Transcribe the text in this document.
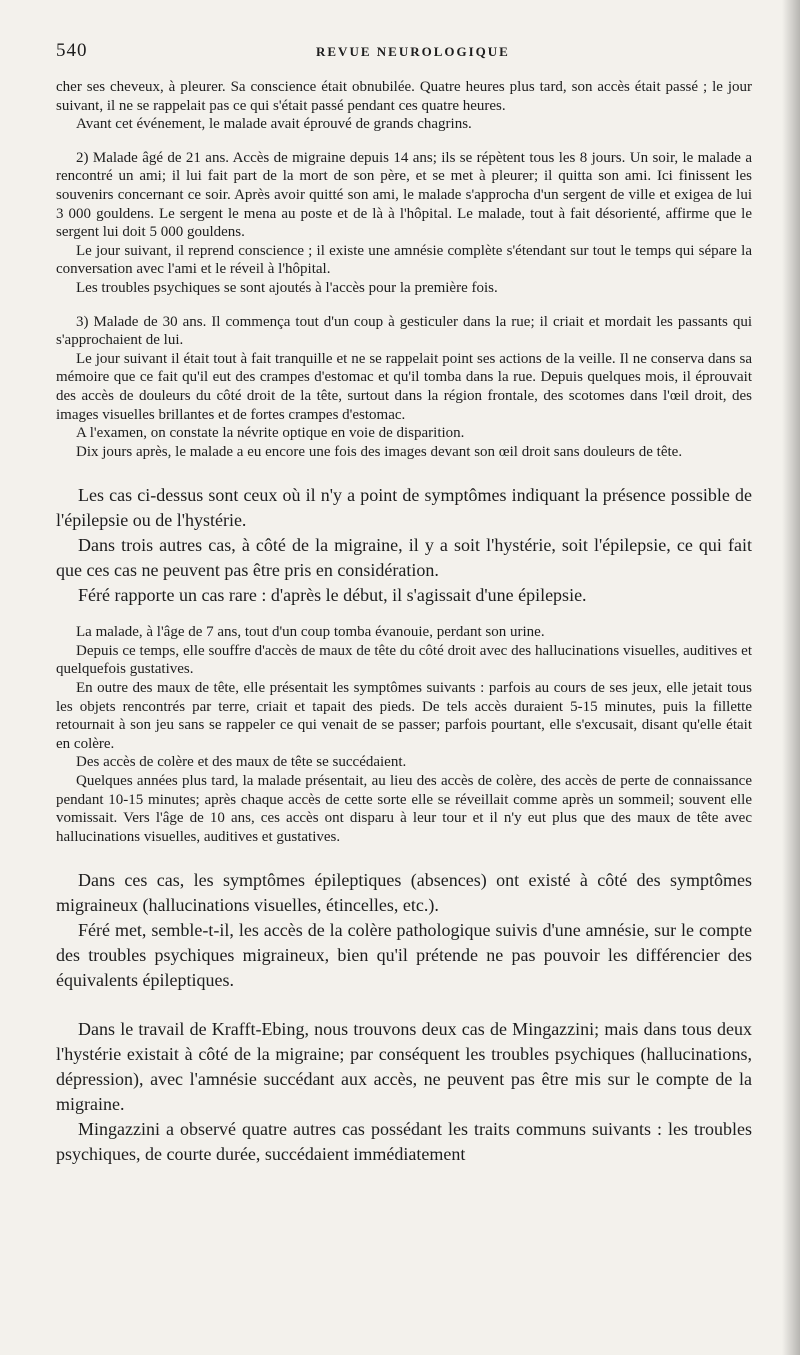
540	REVUE NEUROLOGIQUE

cher ses cheveux, à pleurer. Sa conscience était obnubilée. Quatre heures plus tard, son accès était passé ; le jour suivant, il ne se rappelait pas ce qui s'était passé pendant ces quatre heures.

Avant cet événement, le malade avait éprouvé de grands chagrins.

2) Malade âgé de 21 ans. Accès de migraine depuis 14 ans; ils se répètent tous les 8 jours. Un soir, le malade a rencontré un ami; il lui fait part de la mort de son père, et se met à pleurer; il quitta son ami. Ici finissent les souvenirs concernant ce soir. Après avoir quitté son ami, le malade s'approcha d'un sergent de ville et exigea de lui 3 000 gouldens. Le sergent le mena au poste et de là à l'hôpital. Le malade, tout à fait désorienté, affirme que le sergent lui doit 5 000 gouldens.

Le jour suivant, il reprend conscience ; il existe une amnésie complète s'étendant sur tout le temps qui sépare la conversation avec l'ami et le réveil à l'hôpital.

Les troubles psychiques se sont ajoutés à l'accès pour la première fois.

3) Malade de 30 ans. Il commença tout d'un coup à gesticuler dans la rue; il criait et mordait les passants qui s'approchaient de lui.

Le jour suivant il était tout à fait tranquille et ne se rappelait point ses actions de la veille. Il ne conserva dans sa mémoire que ce fait qu'il eut des crampes d'estomac et qu'il tomba dans la rue. Depuis quelques mois, il éprouvait des accès de douleurs du côté droit de la tête, surtout dans la région frontale, des scotomes dans l'œil droit, des images visuelles brillantes et de fortes crampes d'estomac.

A l'examen, on constate la névrite optique en voie de disparition.

Dix jours après, le malade a eu encore une fois des images devant son œil droit sans douleurs de tête.

Les cas ci-dessus sont ceux où il n'y a point de symptômes indiquant la présence possible de l'épilepsie ou de l'hystérie.

Dans trois autres cas, à côté de la migraine, il y a soit l'hystérie, soit l'épilepsie, ce qui fait que ces cas ne peuvent pas être pris en considération.

Féré rapporte un cas rare : d'après le début, il s'agissait d'une épilepsie.

La malade, à l'âge de 7 ans, tout d'un coup tomba évanouie, perdant son urine.

Depuis ce temps, elle souffre d'accès de maux de tête du côté droit avec des hallucinations visuelles, auditives et quelquefois gustatives.

En outre des maux de tête, elle présentait les symptômes suivants : parfois au cours de ses jeux, elle jetait tous les objets rencontrés par terre, criait et tapait des pieds. De tels accès duraient 5-15 minutes, puis la fillette retournait à son jeu sans se rappeler ce qui venait de se passer; parfois pourtant, elle s'excusait, disant qu'elle était en colère.

Des accès de colère et des maux de tête se succédaient.

Quelques années plus tard, la malade présentait, au lieu des accès de colère, des accès de perte de connaissance pendant 10-15 minutes; après chaque accès de cette sorte elle se réveillait comme après un sommeil; souvent elle vomissait. Vers l'âge de 10 ans, ces accès ont disparu à leur tour et il n'y eut plus que des maux de tête avec hallucinations visuelles, auditives et gustatives.

Dans ces cas, les symptômes épileptiques (absences) ont existé à côté des symptômes migraineux (hallucinations visuelles, étincelles, etc.).

Féré met, semble-t-il, les accès de la colère pathologique suivis d'une amnésie, sur le compte des troubles psychiques migraineux, bien qu'il prétende ne pas pouvoir les différencier des équivalents épileptiques.

Dans le travail de Krafft-Ebing, nous trouvons deux cas de Mingazzini; mais dans tous deux l'hystérie existait à côté de la migraine; par conséquent les troubles psychiques (hallucinations, dépression), avec l'amnésie succédant aux accès, ne peuvent pas être mis sur le compte de la migraine.

Mingazzini a observé quatre autres cas possédant les traits communs suivants : les troubles psychiques, de courte durée, succédaient immédiatement
